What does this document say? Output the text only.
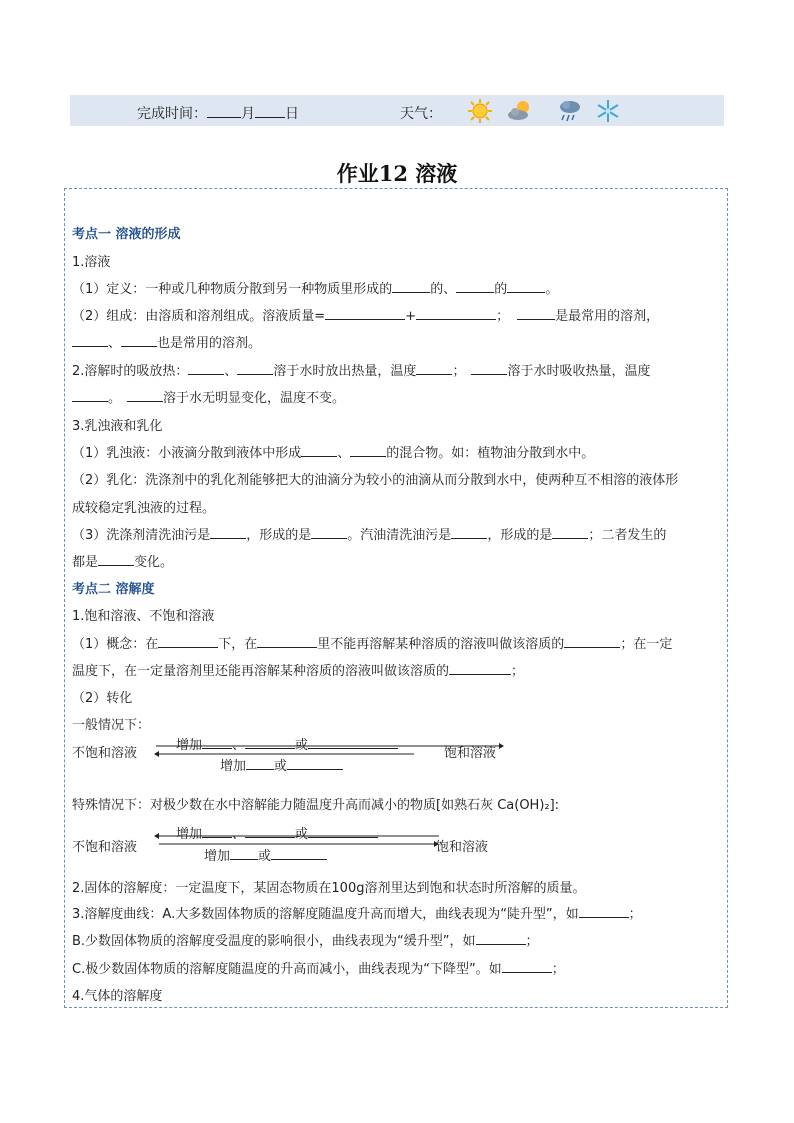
完成时间： 月 日	天气：
作业12 溶液
考点一 溶液的形成
1.溶液
（1）定义：一种或几种物质分散到另一种物质里形成的	的、	的	。
（2）组成：由溶质和溶剂组成。溶液质量=	+	；	是最常用的溶剂，
、	也是常用的溶剂。
2.溶解时的吸放热：	、	溶于水时放出热量，温度	；	溶于水时吸收热量，温度
。	溶于水无明显变化，温度不变。
3.乳浊液和乳化
（1）乳浊液：小液滴分散到液体中形成	、	的混合物。如：植物油分散到水中。
（2）乳化：洗涤剂中的乳化剂能够把大的油滴分为较小的油滴从而分散到水中，使两种互不相溶的液体形
成较稳定乳浊液的过程。
（3）洗涤剂清洗油污是	，形成的是	。汽油清洗油污是	，形成的是	；二者发生的
都是	变化。
考点二 溶解度
1.饱和溶液、不饱和溶液
（1）概念：在	下，在	里不能再溶解某种溶质的溶液叫做该溶质的	；在一定
温度下，在一定量溶剂里还能再溶解某种溶质的溶液叫做该溶质的	；
（2）转化
一般情况下：
不饱和溶液
增加 、	或
增加 或
饱和溶液
特殊情况下：对极少数在水中溶解能力随温度升高而减小的物质[如熟石灰 Ca(OH)₂]:
不饱和溶液
增加 、	或
增加 或
饱和溶液
2.固体的溶解度：一定温度下，某固态物质在100g溶剂里达到饱和状态时所溶解的质量。
3.溶解度曲线：A.大多数固体物质的溶解度随温度升高而增大，曲线表现为“陡升型”，如	；
B.少数固体物质的溶解度受温度的影响很小，曲线表现为“缓升型”，如	；
C.极少数固体物质的溶解度随温度的升高而减小，曲线表现为“下降型”。如	；
4.气体的溶解度
